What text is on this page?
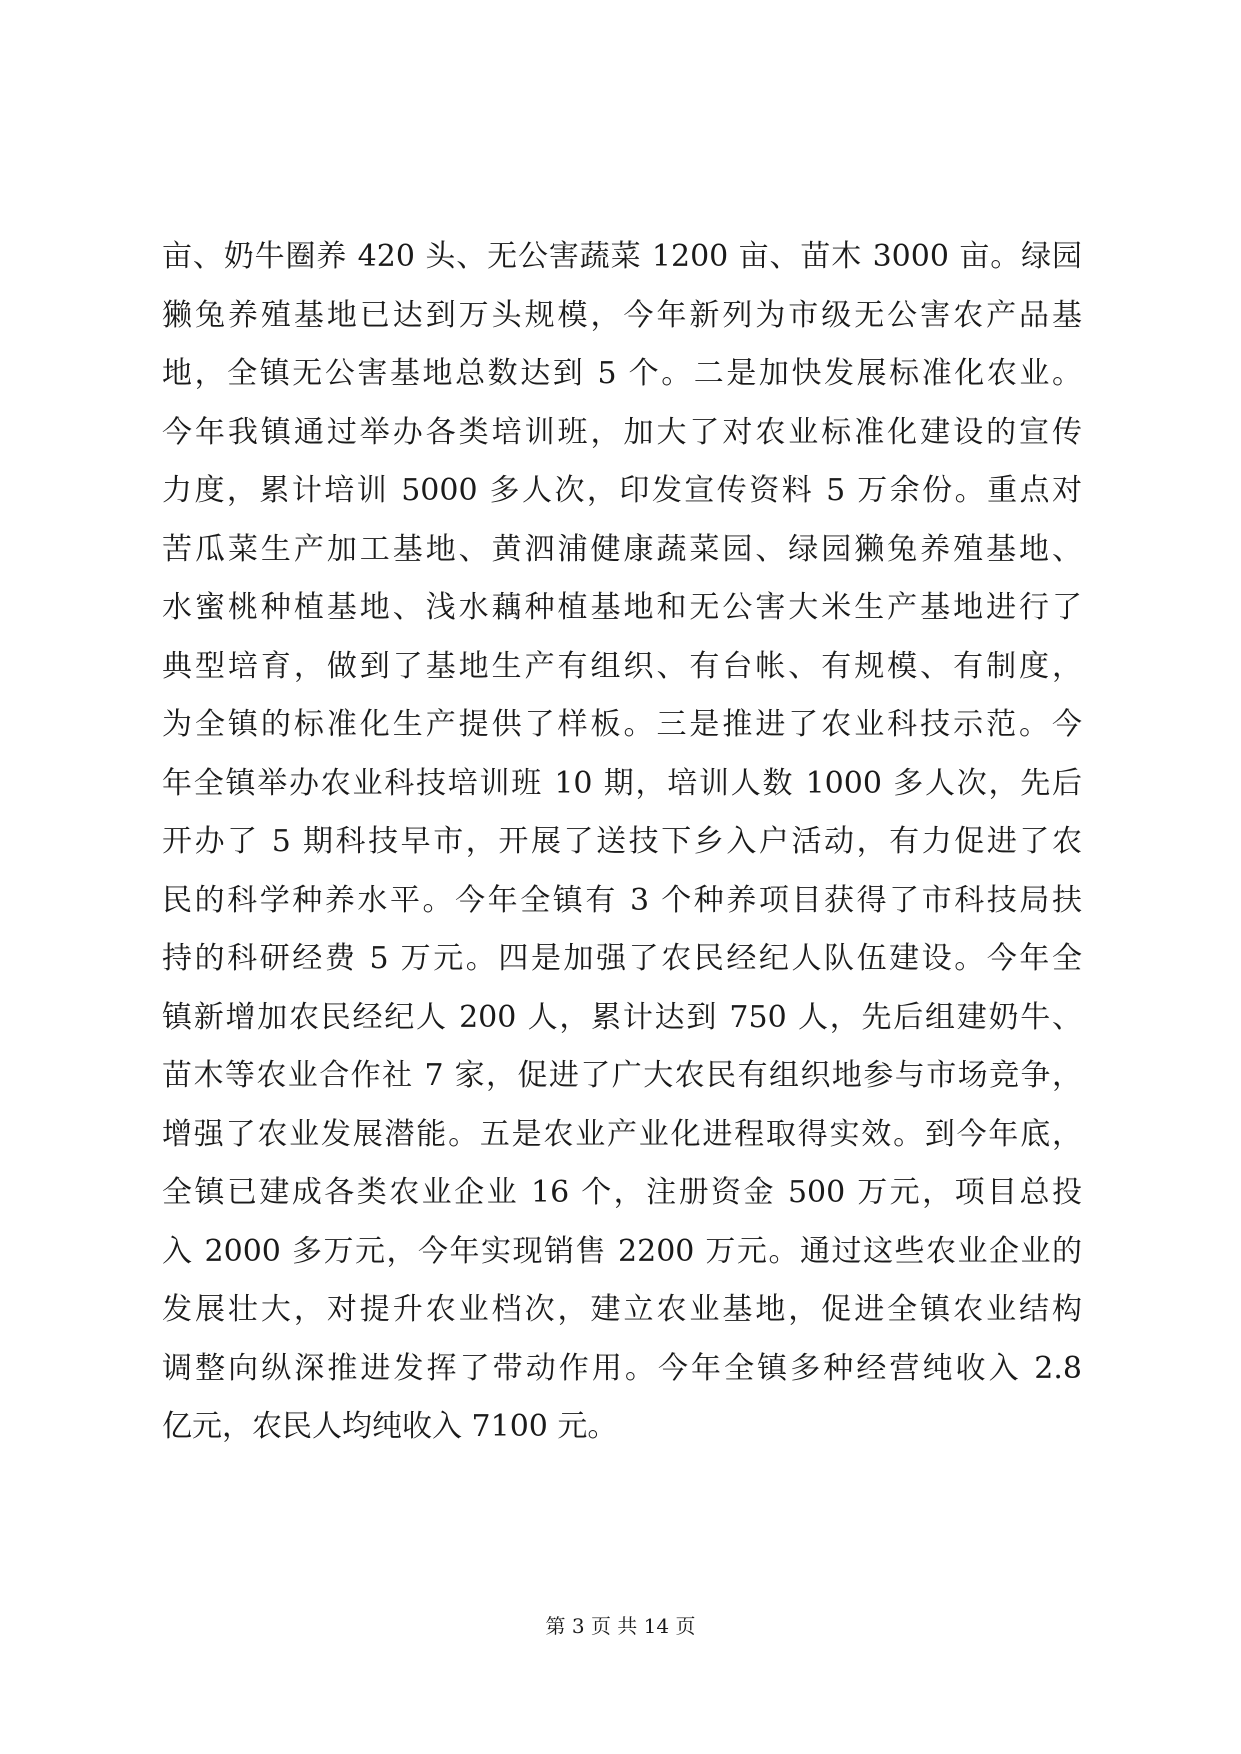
亩、奶牛圈养 420 头、无公害蔬菜 1200 亩、苗木 3000 亩。绿园
獭兔养殖基地已达到万头规模，今年新列为市级无公害农产品基
地，全镇无公害基地总数达到 5 个。二是加快发展标准化农业。
今年我镇通过举办各类培训班，加大了对农业标准化建设的宣传
力度，累计培训 5000 多人次，印发宣传资料 5 万余份。重点对
苦瓜菜生产加工基地、黄泗浦健康蔬菜园、绿园獭兔养殖基地、
水蜜桃种植基地、浅水藕种植基地和无公害大米生产基地进行了
典型培育，做到了基地生产有组织、有台帐、有规模、有制度，
为全镇的标准化生产提供了样板。三是推进了农业科技示范。今
年全镇举办农业科技培训班 10 期，培训人数 1000 多人次，先后
开办了 5 期科技早市，开展了送技下乡入户活动，有力促进了农
民的科学种养水平。今年全镇有 3 个种养项目获得了市科技局扶
持的科研经费 5 万元。四是加强了农民经纪人队伍建设。今年全
镇新增加农民经纪人 200 人，累计达到 750 人，先后组建奶牛、
苗木等农业合作社 7 家，促进了广大农民有组织地参与市场竞争，
增强了农业发展潜能。五是农业产业化进程取得实效。到今年底，
全镇已建成各类农业企业 16 个，注册资金 500 万元，项目总投
入 2000 多万元，今年实现销售 2200 万元。通过这些农业企业的
发展壮大，对提升农业档次，建立农业基地，促进全镇农业结构
调整向纵深推进发挥了带动作用。今年全镇多种经营纯收入 2.8
亿元，农民人均纯收入 7100 元。
第 3 页 共 14 页
